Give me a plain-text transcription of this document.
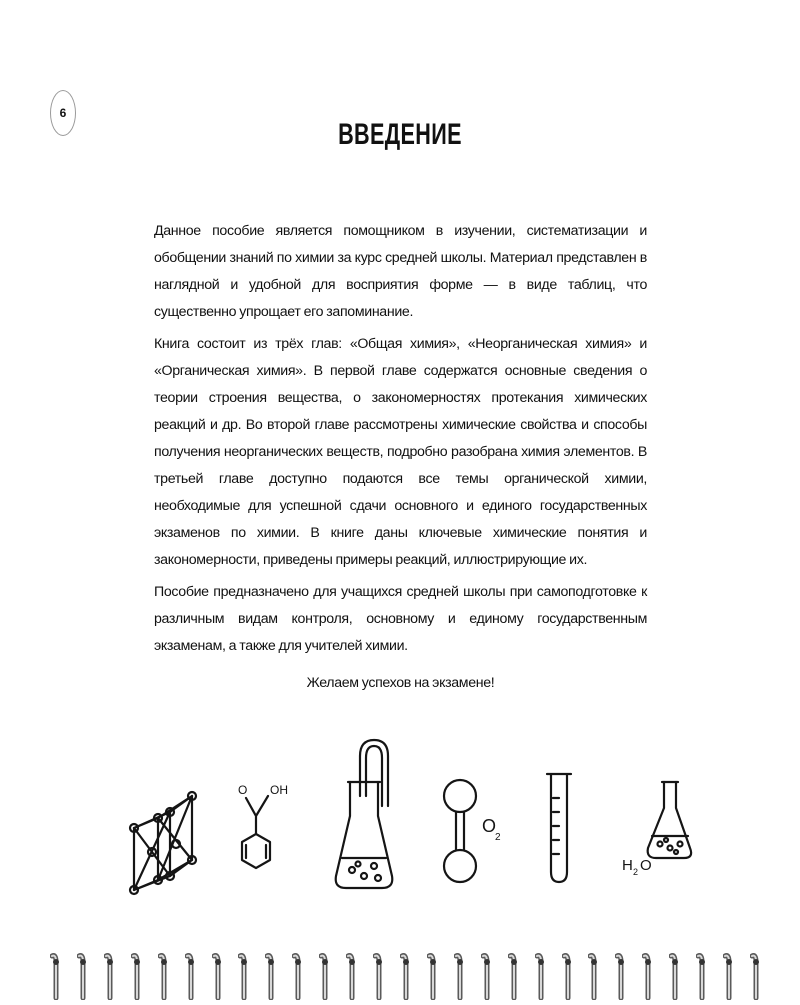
6
ВВЕДЕНИЕ

Данное пособие является помощником в изучении, систематизации и обобщении знаний по химии за курс средней школы. Материал представлен в наглядной и удобной для восприятия форме — в виде таблиц, что существенно упрощает его запоминание.

Книга состоит из трёх глав: «Общая химия», «Неорганическая химия» и «Органическая химия». В первой главе содержатся основные сведения о теории строения вещества, о закономерностях протекания химических реакций и др. Во второй главе рассмотрены химические свойства и способы получения неорганических веществ, подробно разобрана химия элементов. В третьей главе доступно подаются все темы органической химии, необходимые для успешной сдачи основного и единого государственных экзаменов по химии. В книге даны ключевые химические понятия и закономерности, приведены примеры реакций, иллюстрирующие их.

Пособие предназначено для учащихся средней школы при самоподготовке к различным видам контроля, основному и единому государственным экзаменам, а также для учителей химии.

Желаем успехов на экзамене!

O OH
O
2
H 2 O
